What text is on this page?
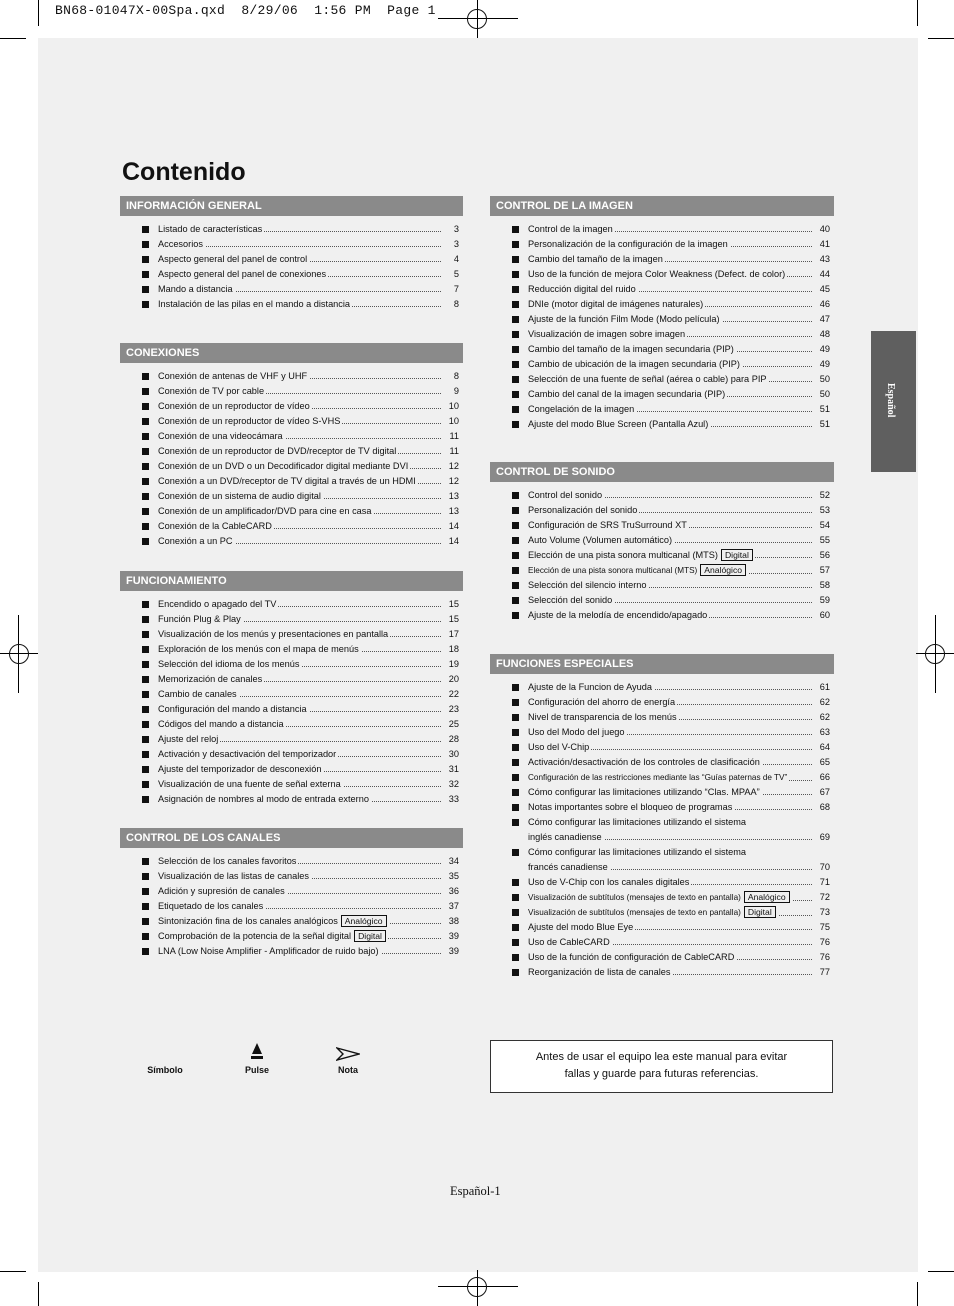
BN68-01047X-00Spa.qxd  8/29/06  1:56 PM  Page 1
Contenido
INFORMACIÓN GENERAL
Listado de características	3
Accesorios	3
Aspecto general del panel de control	4
Aspecto general del panel de conexiones	5
Mando a distancia	7
Instalación de las pilas en el mando a distancia	8
CONEXIONES
Conexión de antenas de VHF y UHF	8
Conexión de TV por cable	9
Conexión de un reproductor de vídeo	10
Conexión de un reproductor de vídeo S-VHS	10
Conexión de una videocámara	11
Conexión de un reproductor de DVD/receptor de TV digital	11
Conexión de un DVD o un Decodificador digital mediante DVI	12
Conexión a un DVD/receptor de TV digital a través de un HDMI	12
Conexión de un sistema de audio digital	13
Conexión de un amplificador/DVD para cine en casa	13
Conexión de la CableCARD	14
Conexión a un PC	14
FUNCIONAMIENTO
Encendido o apagado del TV	15
Función Plug & Play	15
Visualización de los menús y presentaciones en pantalla	17
Exploración de los menús con el mapa de menús	18
Selección del idioma de los menús	19
Memorización de canales	20
Cambio de canales	22
Configuración del mando a distancia	23
Códigos del mando a distancia	25
Ajuste del reloj	28
Activación y desactivación del temporizador	30
Ajuste del temporizador de desconexión	31
Visualización de una fuente de señal externa	32
Asignación de nombres al modo de entrada externo	33
CONTROL DE LOS CANALES
Selección de los canales favoritos	34
Visualización de las listas de canales	35
Adición y supresión de canales	36
Etiquetado de los canales	37
Sintonización fina de los canales analógicos Analógico	38
Comprobación de la potencia de la señal digital Digital	39
LNA (Low Noise Amplifier - Amplificador de ruido bajo)	39
CONTROL DE LA IMAGEN
Control de la imagen	40
Personalización de la configuración de la imagen	41
Cambio del tamaño de la imagen	43
Uso de la función de mejora Color Weakness (Defect. de color)	44
Reducción digital del ruido	45
DNIe (motor digital de imágenes naturales)	46
Ajuste de la función Film Mode (Modo película)	47
Visualización de imagen sobre imagen	48
Cambio del tamaño de la imagen secundaria (PIP)	49
Cambio de ubicación de la imagen secundaria (PIP)	49
Selección de una fuente de señal (aérea o cable) para PIP	50
Cambio del canal de la imagen secundaria (PIP)	50
Congelación de la imagen	51
Ajuste del modo Blue Screen (Pantalla Azul)	51
CONTROL DE SONIDO
Control del sonido	52
Personalización del sonido	53
Configuración de SRS TruSurround XT	54
Auto Volume (Volumen automático)	55
Elección de una pista sonora multicanal (MTS) Digital	56
Elección de una pista sonora multicanal (MTS) Analógico	57
Selección del silencio interno	58
Selección del sonido	59
Ajuste de la melodía de encendido/apagado	60
FUNCIONES ESPECIALES
Ajuste de la Funcion de Ayuda	61
Configuración del ahorro de energía	62
Nivel de transparencia de los menús	62
Uso del Modo del juego	63
Uso del V-Chip	64
Activación/desactivación de los controles de clasificación	65
Configuración de las restricciones mediante las “Guías paternas de TV”	66
Cómo configurar las limitaciones utilizando “Clas. MPAA”	67
Notas importantes sobre el bloqueo de programas	68
Cómo configurar las limitaciones utilizando el sistema
inglés canadiense	69
Cómo configurar las limitaciones utilizando el sistema
francés canadiense	70
Uso de V-Chip con los canales digitales	71
Visualización de subtítulos (mensajes de texto en pantalla) Analógico	72
Visualización de subtítulos (mensajes de texto en pantalla) Digital	73
Ajuste del modo Blue Eye	75
Uso de CableCARD	76
Uso de la función de configuración de CableCARD	76
Reorganización de lista de canales	77
Español
Símbolo	Pulse	Nota
Antes de usar el equipo lea este manual para evitar
fallas y guarde para futuras referencias.
Español-1
